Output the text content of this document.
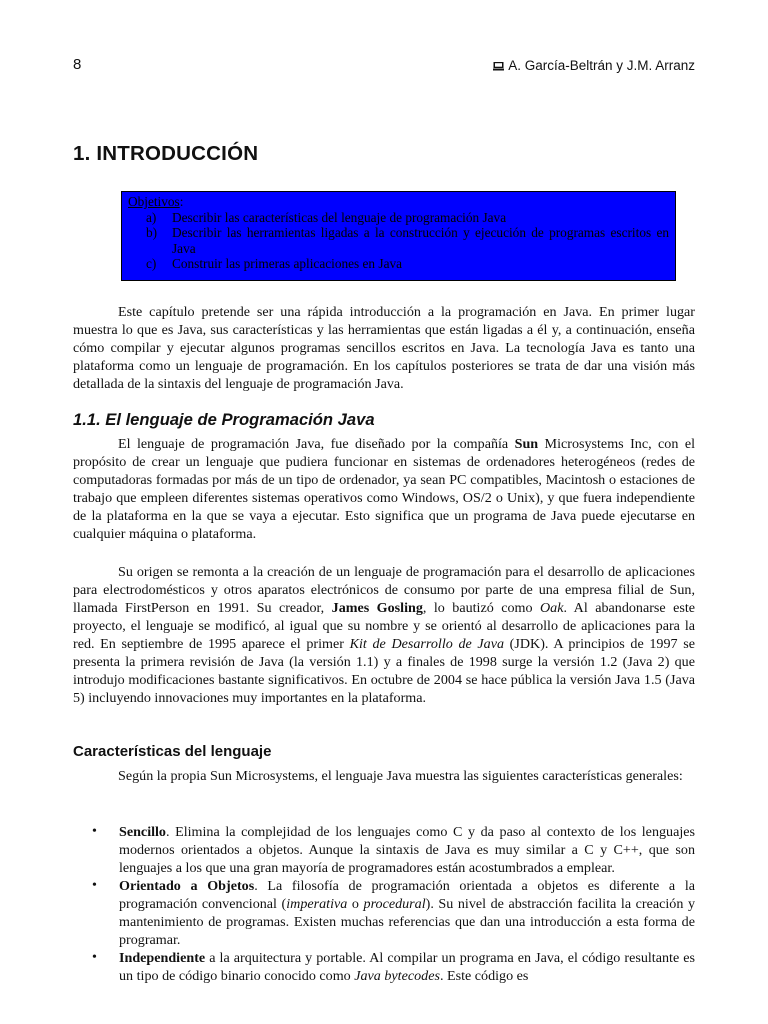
8	A. García-Beltrán y J.M. Arranz
1. INTRODUCCIÓN
Objetivos:
a)	Describir las características del lenguaje de programación Java
b)	Describir las herramientas ligadas a la construcción y ejecución de programas escritos en Java
c)	Construir las primeras aplicaciones en Java

Este capítulo pretende ser una rápida introducción a la programación en Java. En primer lugar muestra lo que es Java, sus características y las herramientas que están ligadas a él y, a continuación, enseña cómo compilar y ejecutar algunos programas sencillos escritos en Java. La tecnología Java es tanto una plataforma como un lenguaje de programación. En los capítulos posteriores se trata de dar una visión más detallada de la sintaxis del lenguaje de programación Java.

1.1. El lenguaje de Programación Java

El lenguaje de programación Java, fue diseñado por la compañía Sun Microsystems Inc, con el propósito de crear un lenguaje que pudiera funcionar en sistemas de ordenadores heterogéneos (redes de computadoras formadas por más de un tipo de ordenador, ya sean PC compatibles, Macintosh o estaciones de trabajo que empleen diferentes sistemas operativos como Windows, OS/2 o Unix), y que fuera independiente de la plataforma en la que se vaya a ejecutar. Esto significa que un programa de Java puede ejecutarse en cualquier máquina o plataforma.

Su origen se remonta a la creación de un lenguaje de programación para el desarrollo de aplicaciones para electrodomésticos y otros aparatos electrónicos de consumo por parte de una empresa filial de Sun, llamada FirstPerson en 1991. Su creador, James Gosling, lo bautizó como Oak. Al abandonarse este proyecto, el lenguaje se modificó, al igual que su nombre y se orientó al desarrollo de aplicaciones para la red. En septiembre de 1995 aparece el primer Kit de Desarrollo de Java (JDK). A principios de 1997 se presenta la primera revisión de Java (la versión 1.1) y a finales de 1998 surge la versión 1.2 (Java 2) que introdujo modificaciones bastante significativos. En octubre de 2004 se hace pública la versión Java 1.5 (Java 5) incluyendo innovaciones muy importantes en la plataforma.

Características del lenguaje

Según la propia Sun Microsystems, el lenguaje Java muestra las siguientes características generales:

•	Sencillo. Elimina la complejidad de los lenguajes como C y da paso al contexto de los lenguajes modernos orientados a objetos. Aunque la sintaxis de Java es muy similar a C y C++, que son lenguajes a los que una gran mayoría de programadores están acostumbrados a emplear.
•	Orientado a Objetos. La filosofía de programación orientada a objetos es diferente a la programación convencional (imperativa o procedural). Su nivel de abstracción facilita la creación y mantenimiento de programas. Existen muchas referencias que dan una introducción a esta forma de programar.
•	Independiente a la arquitectura y portable. Al compilar un programa en Java, el código resultante es un tipo de código binario conocido como Java bytecodes. Este código es
